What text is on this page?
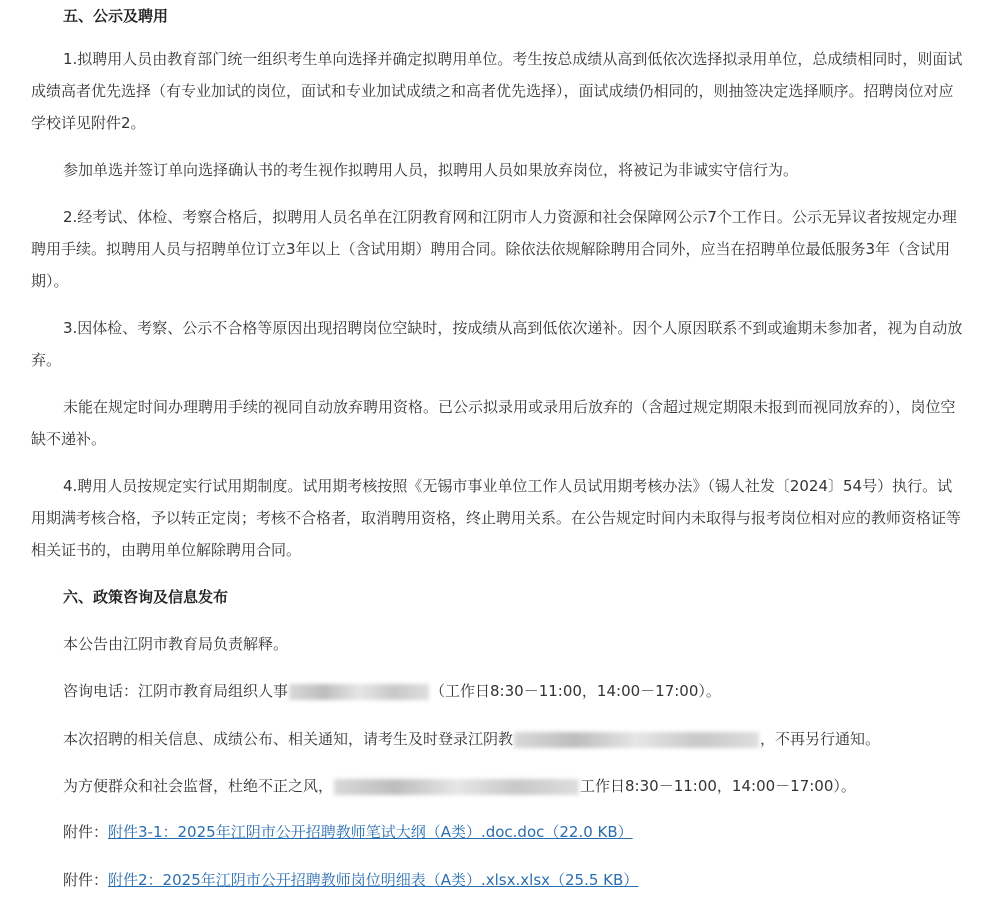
五、公示及聘用
1.拟聘用人员由教育部门统一组织考生单向选择并确定拟聘用单位。考生按总成绩从高到低依次选择拟录用单位，总成绩相同时，则面试成绩高者优先选择（有专业加试的岗位，面试和专业加试成绩之和高者优先选择），面试成绩仍相同的，则抽签决定选择顺序。招聘岗位对应学校详见附件2。
参加单选并签订单向选择确认书的考生视作拟聘用人员，拟聘用人员如果放弃岗位，将被记为非诚实守信行为。
2.经考试、体检、考察合格后，拟聘用人员名单在江阴教育网和江阴市人力资源和社会保障网公示7个工作日。公示无异议者按规定办理聘用手续。拟聘用人员与招聘单位订立3年以上（含试用期）聘用合同。除依法依规解除聘用合同外，应当在招聘单位最低服务3年（含试用期）。
3.因体检、考察、公示不合格等原因出现招聘岗位空缺时，按成绩从高到低依次递补。因个人原因联系不到或逾期未参加者，视为自动放弃。
未能在规定时间办理聘用手续的视同自动放弃聘用资格。已公示拟录用或录用后放弃的（含超过规定期限未报到而视同放弃的），岗位空缺不递补。
4.聘用人员按规定实行试用期制度。试用期考核按照《无锡市事业单位工作人员试用期考核办法》（锡人社发〔2024〕54号）执行。试用期满考核合格，予以转正定岗；考核不合格者，取消聘用资格，终止聘用关系。在公告规定时间内未取得与报考岗位相对应的教师资格证等相关证书的，由聘用单位解除聘用合同。
六、政策咨询及信息发布
本公告由江阴市教育局负责解释。
咨询电话：江阴市教育局组织人事	（工作日8:30－11:00，14:00－17:00）。
本次招聘的相关信息、成绩公布、相关通知，请考生及时登录江阴教	，不再另行通知。
为方便群众和社会监督，杜绝不正之风，	工作日8:30－11:00，14:00－17:00）。
附件：附件3-1：2025年江阴市公开招聘教师笔试大纲（A类）.doc.doc（22.0 KB）
附件：附件2：2025年江阴市公开招聘教师岗位明细表（A类）.xlsx.xlsx（25.5 KB）
